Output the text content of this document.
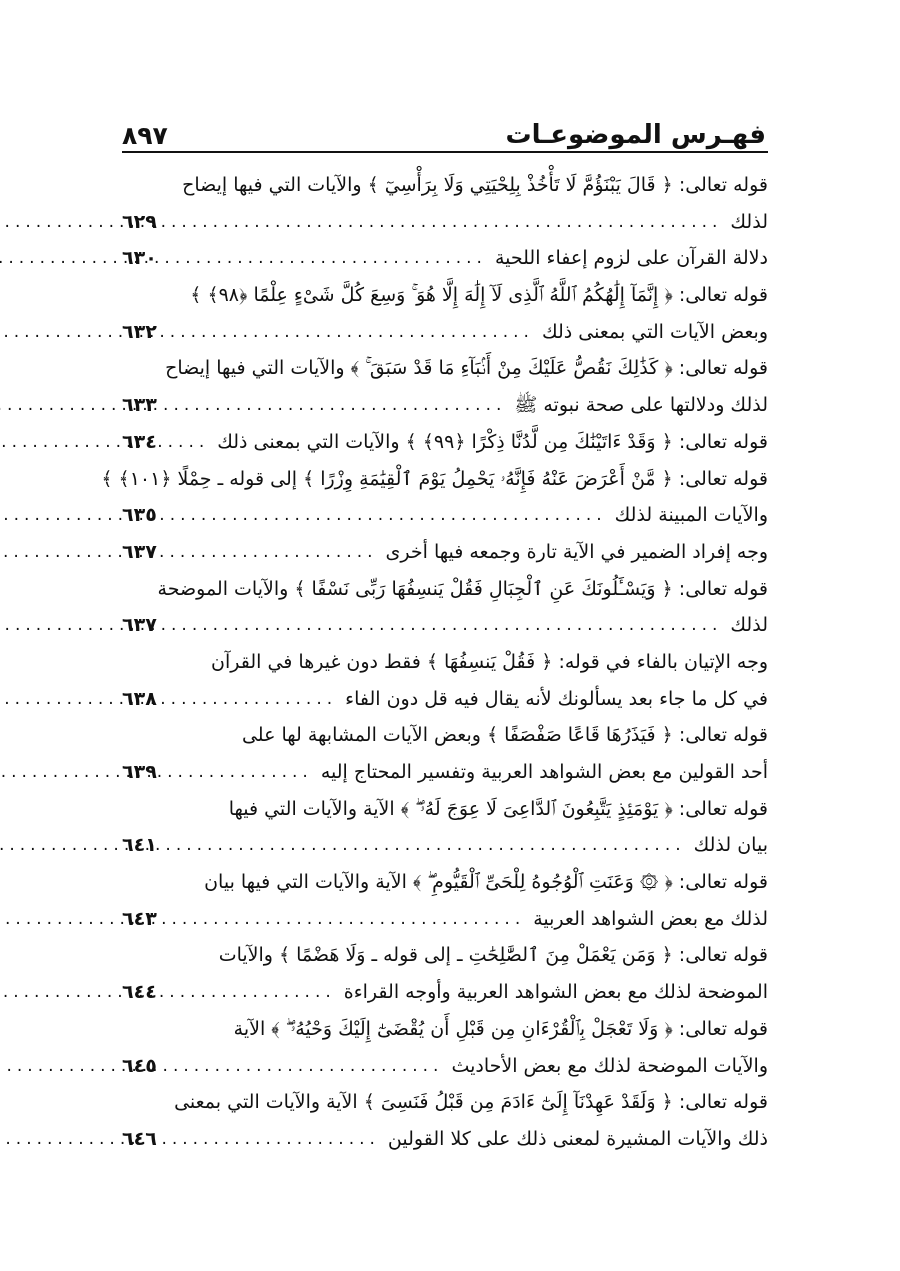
فهـرس الموضوعـات
٨٩٧
قوله تعالى: ﴿ قَالَ يَبْنَؤُمَّ لَا تَأْخُذْ بِلِحْيَتِي وَلَا بِرَأْسِيٓ ﴾ والآيات التي فيها إيضاح
لذلك
.....
٦٢٩
دلالة القرآن على لزوم إعفاء اللحية
.....
٦٣٠
قوله تعالى: ﴿ إِنَّمَآ إِلَٰهُكُمُ ٱللَّهُ ٱلَّذِى لَآ إِلَٰهَ إِلَّا هُوَ ۚ وَسِعَ كُلَّ شَىْءٍ عِلْمًا ﴿٩٨﴾ ﴾
وبعض الآيات التي بمعنى ذلك
.....
٦٣٢
قوله تعالى: ﴿ كَذَٰلِكَ نَقُصُّ عَلَيْكَ مِنْ أَنۢبَآءِ مَا قَدْ سَبَقَ ۚ ﴾ والآيات التي فيها إيضاح
لذلك ودلالتها على صحة نبوته ﷺ
.....
٦٣٣
قوله تعالى: ﴿ وَقَدْ ءَاتَيْنَٰكَ مِن لَّدُنَّا ذِكْرًا ﴿٩٩﴾ ﴾ والآيات التي بمعنى ذلك
.....
٦٣٤
قوله تعالى: ﴿ مَّنْ أَعْرَضَ عَنْهُ فَإِنَّهُۥ يَحْمِلُ يَوْمَ ٱلْقِيَٰمَةِ وِزْرًا ﴾ إلى قوله ـ حِمْلًا ﴿١٠١﴾ ﴾
والآيات المبينة لذلك
.....
٦٣٥
وجه إفراد الضمير في الآية تارة وجمعه فيها أخرى
.....
٦٣٧
قوله تعالى: ﴿ وَيَسْـَٔلُونَكَ عَنِ ٱلْجِبَالِ فَقُلْ يَنسِفُهَا رَبِّى نَسْفًا ﴾ والآيات الموضحة
لذلك
.....
٦٣٧
وجه الإتيان بالفاء في قوله: ﴿ فَقُلْ يَنسِفُهَا ﴾ فقط دون غيرها في القرآن
في كل ما جاء بعد يسألونك لأنه يقال فيه قل دون الفاء
.....
٦٣٨
قوله تعالى: ﴿ فَيَذَرُهَا قَاعًا صَفْصَفًا ﴾ وبعض الآيات المشابهة لها على
أحد القولين مع بعض الشواهد العربية وتفسير المحتاج إليه
.....
٦٣٩
قوله تعالى: ﴿ يَوْمَئِذٍ يَتَّبِعُونَ ٱلدَّاعِىَ لَا عِوَجَ لَهُۥ ۖ ﴾ الآية والآيات التي فيها
بيان لذلك
.....
٦٤١
قوله تعالى: ﴿ ۞ وَعَنَتِ ٱلْوُجُوهُ لِلْحَىِّ ٱلْقَيُّومِ ۖ ﴾ الآية والآيات التي فيها بيان
لذلك مع بعض الشواهد العربية
.....
٦٤٣
قوله تعالى: ﴿ وَمَن يَعْمَلْ مِنَ ٱلصَّٰلِحَٰتِ ـ إلى قوله ـ وَلَا هَضْمًا ﴾ والآيات
الموضحة لذلك مع بعض الشواهد العربية وأوجه القراءة
.....
٦٤٤
قوله تعالى: ﴿ وَلَا تَعْجَلْ بِٱلْقُرْءَانِ مِن قَبْلِ أَن يُقْضَىٰٓ إِلَيْكَ وَحْيُهُۥ ۖ ﴾ الآية
والآيات الموضحة لذلك مع بعض الأحاديث
.....
٦٤٥
قوله تعالى: ﴿ وَلَقَدْ عَهِدْنَآ إِلَىٰٓ ءَادَمَ مِن قَبْلُ فَنَسِىَ ﴾ الآية والآيات التي بمعنى
ذلك والآيات المشيرة لمعنى ذلك على كلا القولين
.....
٦٤٦
